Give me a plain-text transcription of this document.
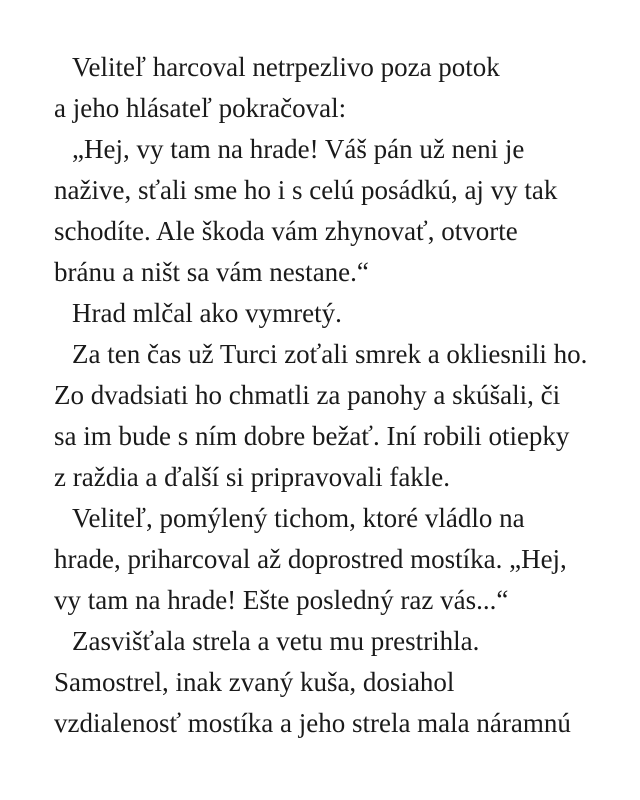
Veliteľ harcoval netrpezlivo poza potok
a jeho hlásateľ pokračoval:
„Hej, vy tam na hrade! Váš pán už neni je
nažive, sťali sme ho i s celú posádkú, aj vy tak
schodíte. Ale škoda vám zhynovať, otvorte
bránu a ništ sa vám nestane.“
Hrad mlčal ako vymretý.
Za ten čas už Turci zoťali smrek a okliesnili ho.
Zo dvadsiati ho chmatli za panohy a skúšali, či
sa im bude s ním dobre bežať. Iní robili otiepky
z raždia a ďalší si pripravovali fakle.
Veliteľ, pomýlený tichom, ktoré vládlo na
hrade, priharcoval až doprostred mostíka. „Hej,
vy tam na hrade! Ešte posledný raz vás...“
Zasvišťala strela a vetu mu prestrihla.
Samostrel, inak zvaný kuša, dosiahol
vzdialenosť mostíka a jeho strela mala náramnú
